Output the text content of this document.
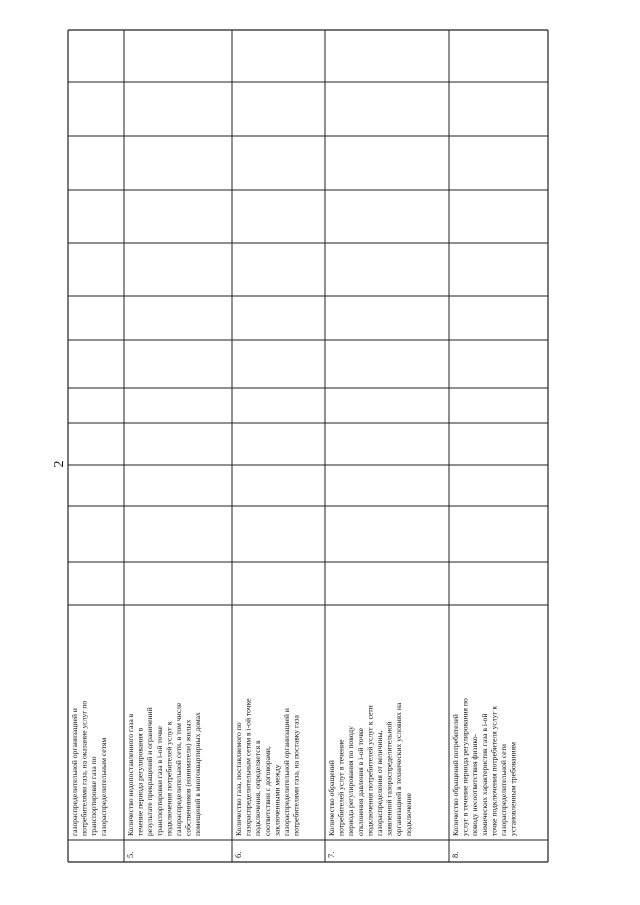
2
газораспределительной организацией и потребителями газа, на оказание услуг по транспортировке газа по газораспределительным сетям
5.
Количество недопоставленного газа в течение периода регулирования в результате прекращений и ограничений транспортировки газа в i-ой точке подключения потребителей услуг к газораспределительной сети, в том числе собственников (наниматели) жилых помещений в многоквартирных домах
6.
Количество газа, поставляемого по газораспределительным сетям в i-ой точке подключения, определяется в соответствии с договорами, заключенными между газораспределительной организацией и потребителями газа, на поставку газа
7.
Количество обращений потребителей услуг в течение периода регулирования по поводу отклонения давления в i-ой точке подключения потребителей услуг к сети газораспределения от величины, заявленной газораспределительной организацией в технических условиях на подключение
8.
Количество обращений потребителей услуг в течение периода регулирования по поводу несоответствия физико- химических характеристик газа в i-ой точке подключения потребителя услуг к газораспределительной сети установленным требованиям
